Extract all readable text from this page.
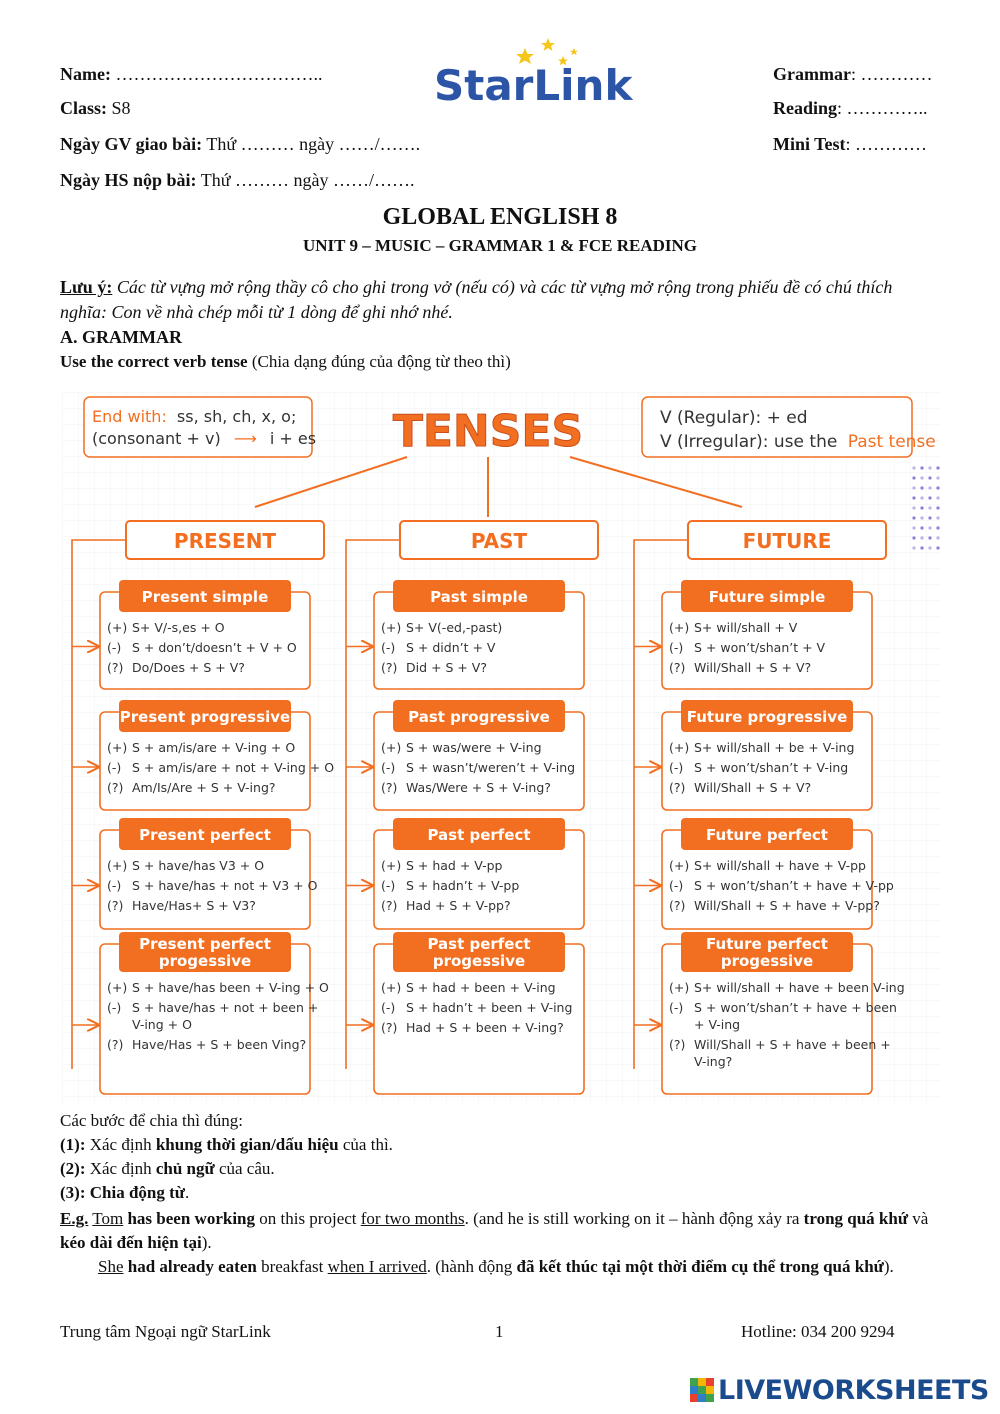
Name: ……………………………..
Class: S8
Ngày GV giao bài: Thứ ……… ngày ……/…….
Ngày HS nộp bài: Thứ ……… ngày ……/…….
Grammar: …………
Reading: …………..
Mini Test: …………
StarLink
GLOBAL ENGLISH 8
UNIT 9 – MUSIC – GRAMMAR 1 & FCE READING
Lưu ý: Các từ vựng mở rộng thầy cô cho ghi trong vở (nếu có) và các từ vựng mở rộng trong phiếu đề có chú thích nghĩa: Con về nhà chép mỗi từ 1 dòng để ghi nhớ nhé.
A. GRAMMAR
Use the correct verb tense (Chia dạng đúng của động từ theo thì)
End with: ss, sh, ch, x, o;
(consonant + v) ⟶ i + es
V (Regular): + ed
V (Irregular): use the Past tense
TENSES
PRESENT
Present simple
(+) S+ V/-s,es + O
(-) S + don’t/doesn’t + V + O
(?) Do/Does + S + V?
Present progressive
(+) S + am/is/are + V-ing + O
(-) S + am/is/are + not + V-ing + O
(?) Am/Is/Are + S + V-ing?
Present perfect
(+) S + have/has V3 + O
(-) S + have/has + not + V3 + O
(?) Have/Has+ S + V3?
Present perfect
progessive
(+) S + have/has been + V-ing + O
(-) S + have/has + not + been +
V-ing + O
(?) Have/Has + S + been Ving?
PAST
Past simple
(+) S+ V(-ed,-past)
(-) S + didn’t + V
(?) Did + S + V?
Past progressive
(+) S + was/were + V-ing
(-) S + wasn’t/weren’t + V-ing
(?) Was/Were + S + V-ing?
Past perfect
(+) S + had + V-pp
(-) S + hadn’t + V-pp
(?) Had + S + V-pp?
Past perfect
progessive
(+) S + had + been + V-ing
(-) S + hadn’t + been + V-ing
(?) Had + S + been + V-ing?
FUTURE
Future simple
(+) S+ will/shall + V
(-) S + won’t/shan’t + V
(?) Will/Shall + S + V?
Future progressive
(+) S+ will/shall + be + V-ing
(-) S + won’t/shan’t + V-ing
(?) Will/Shall + S + V?
Future perfect
(+) S+ will/shall + have + V-pp
(-) S + won’t/shan’t + have + V-pp
(?) Will/Shall + S + have + V-pp?
Future perfect
progessive
(+) S+ will/shall + have + been V-ing
(-) S + won’t/shan’t + have + been
+ V-ing
(?) Will/Shall + S + have + been +
V-ing?
Các bước để chia thì đúng:
(1): Xác định khung thời gian/dấu hiệu của thì.
(2): Xác định chủ ngữ của câu.
(3): Chia động từ.
E.g. Tom has been working on this project for two months. (and he is still working on it – hành động xảy ra trong quá khứ và kéo dài đến hiện tại).
She had already eaten breakfast when I arrived. (hành động đã kết thúc tại một thời điểm cụ thể trong quá khứ).
Trung tâm Ngoại ngữ StarLink	1	Hotline: 034 200 9294
LIVEWORKSHEETS
